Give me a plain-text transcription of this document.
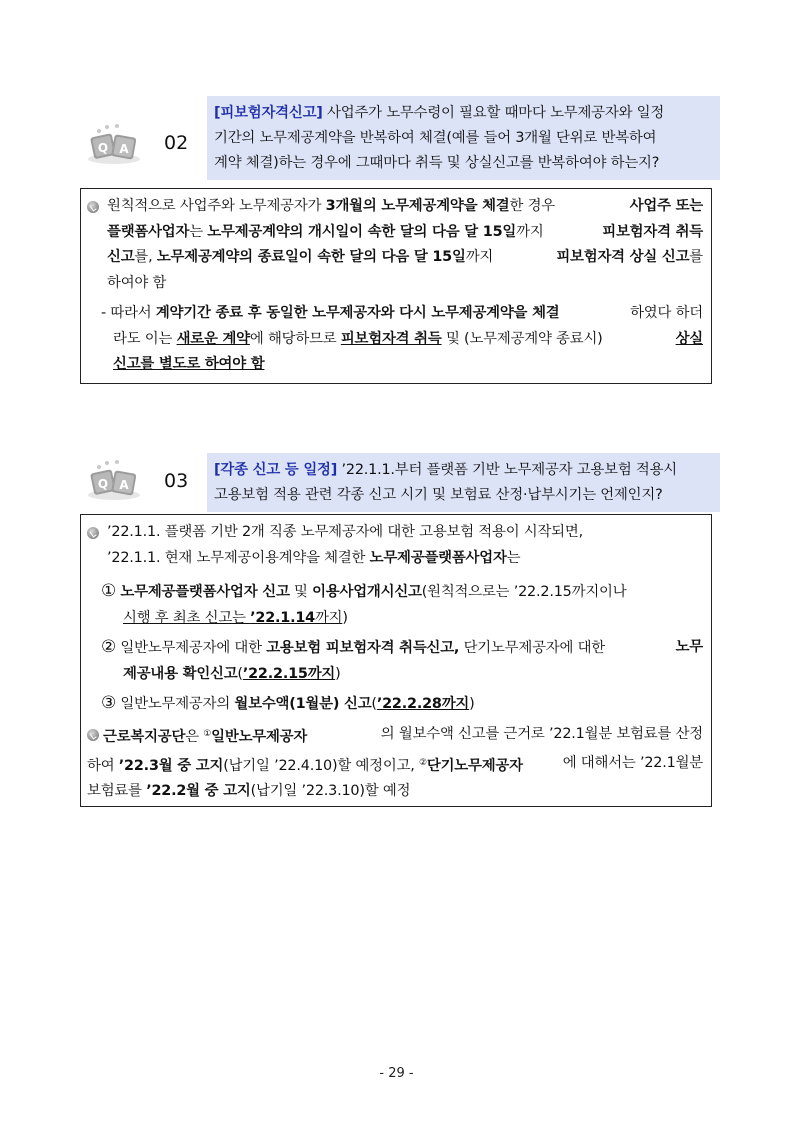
Q A 02
[피보험자격신고] 사업주가 노무수령이 필요할 때마다 노무제공자와 일정
기간의 노무제공계약을 반복하여 체결(예를 들어 3개월 단위로 반복하여
계약 체결)하는 경우에 그때마다 취득 및 상실신고를 반복하여야 하는지?
원칙적으로 사업주와 노무제공자가 3개월의 노무제공계약을 체결한 경우	사업주 또는
플랫폼사업자는 노무제공계약의 개시일이 속한 달의 다음 달 15일까지	피보험자격 취득
신고를, 노무제공계약의 종료일이 속한 달의 다음 달 15일까지	피보험자격 상실 신고를
하여야 함
- 따라서 계약기간 종료 후 동일한 노무제공자와 다시 노무제공계약을 체결	하였다 하더
라도 이는 새로운 계약에 해당하므로 피보험자격 취득 및 (노무제공계약 종료시)	상실
신고를 별도로 하여야 함
Q A 03 [각종 신고 등 일정] ’22.1.1.부터 플랫폼 기반 노무제공자 고용보험 적용시
고용보험 적용 관련 각종 신고 시기 및 보험료 산정·납부시기는 언제인지?
’22.1.1. 플랫폼 기반 2개 직종 노무제공자에 대한 고용보험 적용이 시작되면,
’22.1.1. 현재 노무제공이용계약을 체결한 노무제공플랫폼사업자는
① 노무제공플랫폼사업자 신고 및 이용사업개시신고(원칙적으로는 ’22.2.15까지이나
시행 후 최초 신고는 ’22.1.14까지)
② 일반노무제공자에 대한 고용보험 피보험자격 취득신고, 단기노무제공자에 대한	노무
제공내용 확인신고(’22.2.15까지)
③ 일반노무제공자의 월보수액(1월분) 신고(’22.2.28까지)
근로복지공단은 ①일반노무제공자	의 월보수액 신고를 근거로 ’22.1월분 보험료를 산정
하여 ’22.3월 중 고지(납기일 ’22.4.10)할 예정이고, ②단기노무제공자	에 대해서는 ’22.1월분
보험료를 ’22.2월 중 고지(납기일 ’22.3.10)할 예정
- 29 -
